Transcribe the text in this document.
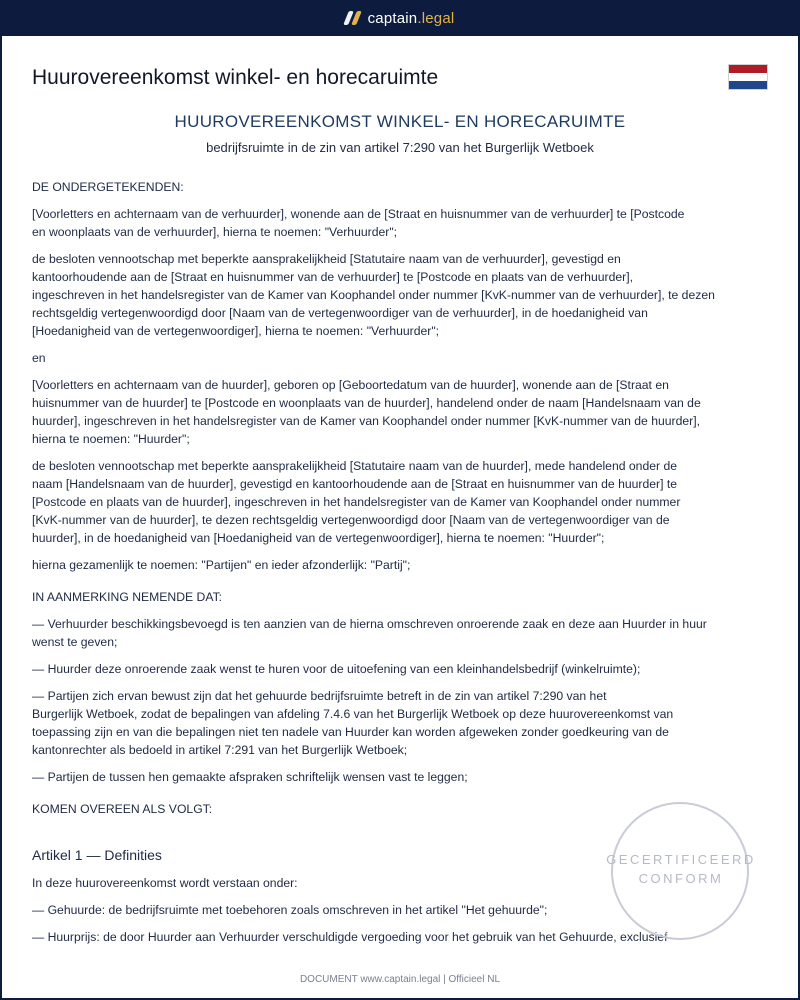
captain.legal
Huurovereenkomst winkel- en horecaruimte
HUUROVEREENKOMST WINKEL- EN HORECARUIMTE
bedrijfsruimte in de zin van artikel 7:290 van het Burgerlijk Wetboek

DE ONDERGETEKENDEN:

[Voorletters en achternaam van de verhuurder], wonende aan de [Straat en huisnummer van de verhuurder] te [Postcode
en woonplaats van de verhuurder], hierna te noemen: "Verhuurder";

de besloten vennootschap met beperkte aansprakelijkheid [Statutaire naam van de verhuurder], gevestigd en
kantoorhoudende aan de [Straat en huisnummer van de verhuurder] te [Postcode en plaats van de verhuurder],
ingeschreven in het handelsregister van de Kamer van Koophandel onder nummer [KvK-nummer van de verhuurder], te dezen
rechtsgeldig vertegenwoordigd door [Naam van de vertegenwoordiger van de verhuurder], in de hoedanigheid van
[Hoedanigheid van de vertegenwoordiger], hierna te noemen: "Verhuurder";

en

[Voorletters en achternaam van de huurder], geboren op [Geboortedatum van de huurder], wonende aan de [Straat en
huisnummer van de huurder] te [Postcode en woonplaats van de huurder], handelend onder de naam [Handelsnaam van de
huurder], ingeschreven in het handelsregister van de Kamer van Koophandel onder nummer [KvK-nummer van de huurder],
hierna te noemen: "Huurder";

de besloten vennootschap met beperkte aansprakelijkheid [Statutaire naam van de huurder], mede handelend onder de
naam [Handelsnaam van de huurder], gevestigd en kantoorhoudende aan de [Straat en huisnummer van de huurder] te
[Postcode en plaats van de huurder], ingeschreven in het handelsregister van de Kamer van Koophandel onder nummer
[KvK-nummer van de huurder], te dezen rechtsgeldig vertegenwoordigd door [Naam van de vertegenwoordiger van de
huurder], in de hoedanigheid van [Hoedanigheid van de vertegenwoordiger], hierna te noemen: "Huurder";

hierna gezamenlijk te noemen: "Partijen" en ieder afzonderlijk: "Partij";

IN AANMERKING NEMENDE DAT:

— Verhuurder beschikkingsbevoegd is ten aanzien van de hierna omschreven onroerende zaak en deze aan Huurder in huur
wenst te geven;

— Huurder deze onroerende zaak wenst te huren voor de uitoefening van een kleinhandelsbedrijf (winkelruimte);

— Partijen zich ervan bewust zijn dat het gehuurde bedrijfsruimte betreft in de zin van artikel 7:290 van het
Burgerlijk Wetboek, zodat de bepalingen van afdeling 7.4.6 van het Burgerlijk Wetboek op deze huurovereenkomst van
toepassing zijn en van die bepalingen niet ten nadele van Huurder kan worden afgeweken zonder goedkeuring van de
kantonrechter als bedoeld in artikel 7:291 van het Burgerlijk Wetboek;

— Partijen de tussen hen gemaakte afspraken schriftelijk wensen vast te leggen;

KOMEN OVEREEN ALS VOLGT:

Artikel 1 — Definities

In deze huurovereenkomst wordt verstaan onder:

— Gehuurde: de bedrijfsruimte met toebehoren zoals omschreven in het artikel "Het gehuurde";

— Huurprijs: de door Huurder aan Verhuurder verschuldigde vergoeding voor het gebruik van het Gehuurde, exclusief

GECERTIFICEERD
CONFORM
DOCUMENT www.captain.legal | Officieel NL
